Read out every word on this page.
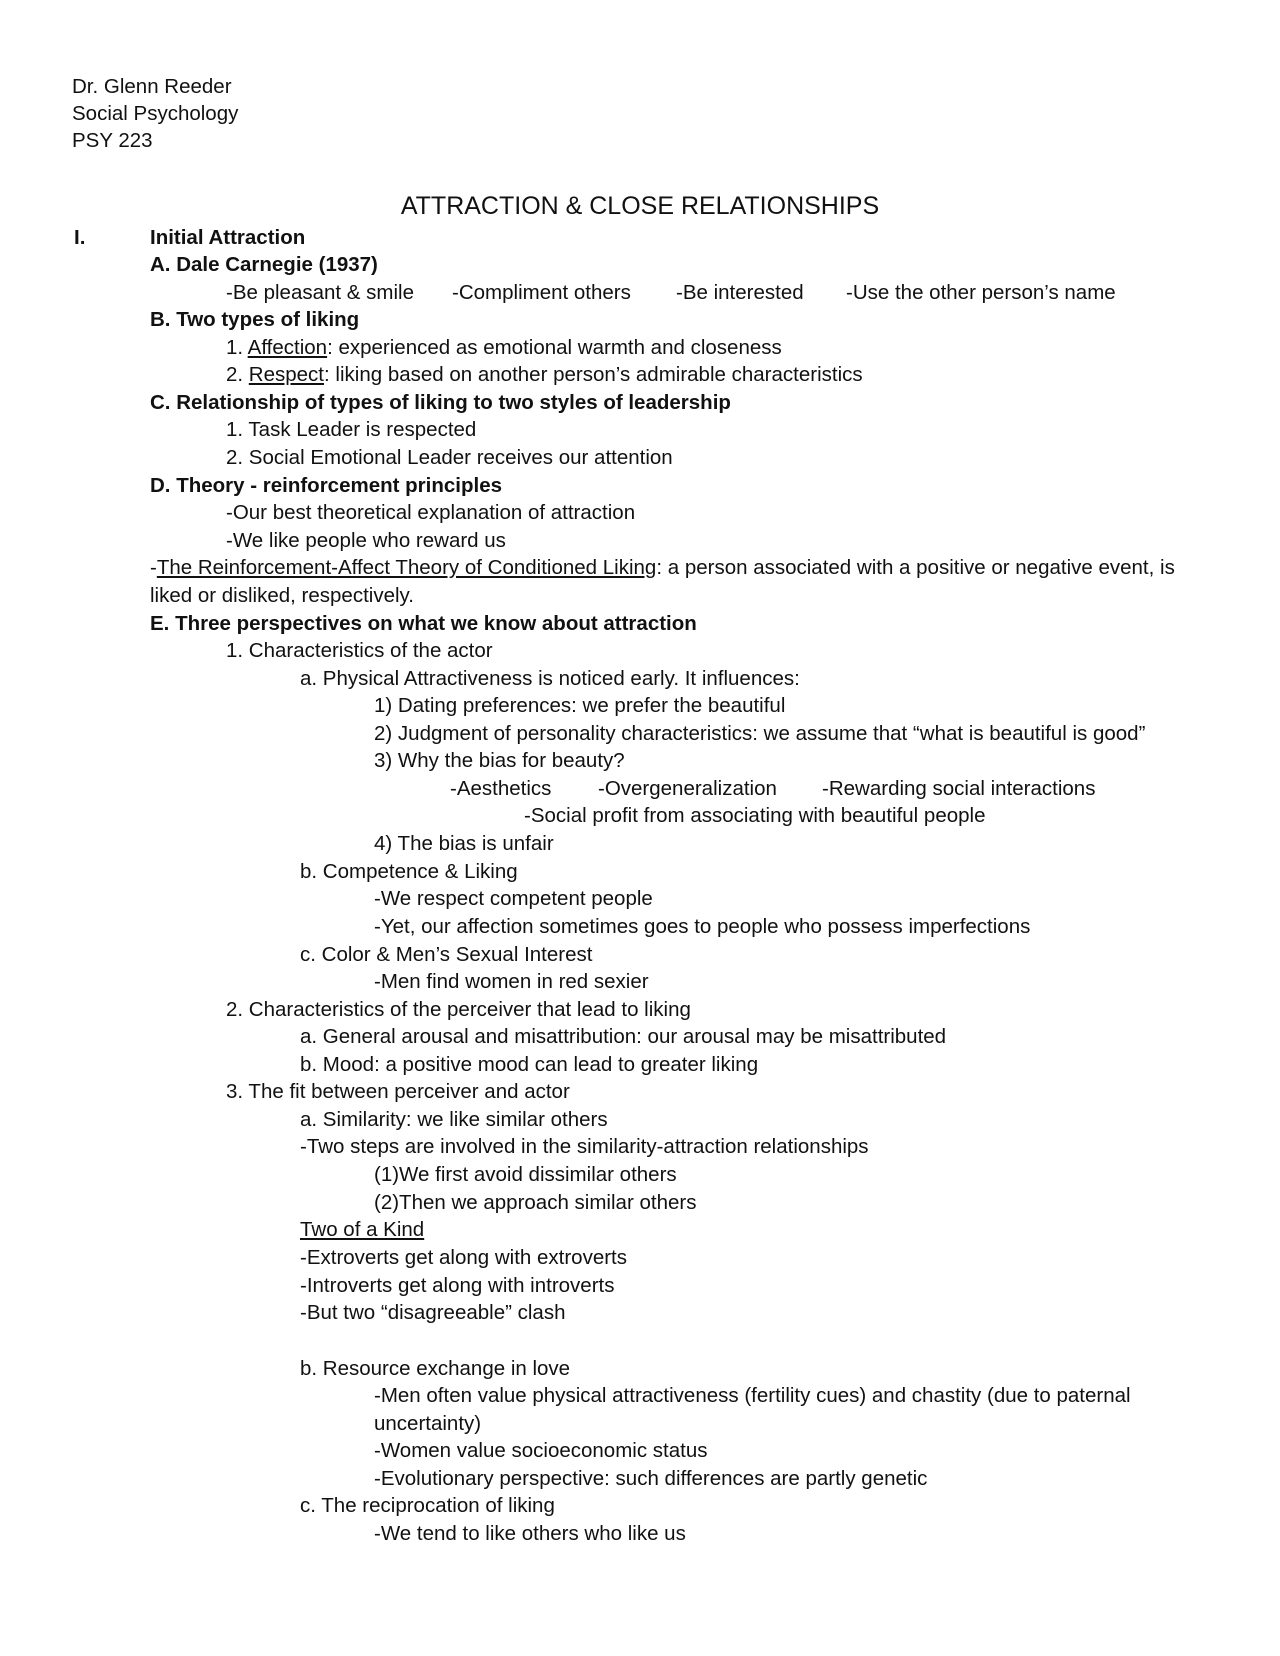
Dr. Glenn Reeder
Social Psychology
PSY 223
ATTRACTION & CLOSE RELATIONSHIPS
I.	Initial Attraction
A. Dale Carnegie (1937)
-Be pleasant & smile -Compliment others -Be interested -Use the other person’s name
B. Two types of liking
1. Affection: experienced as emotional warmth and closeness
2. Respect: liking based on another person’s admirable characteristics
C. Relationship of types of liking to two styles of leadership
1. Task Leader is respected
2. Social Emotional Leader receives our attention
D. Theory - reinforcement principles
-Our best theoretical explanation of attraction
-We like people who reward us
-The Reinforcement-Affect Theory of Conditioned Liking: a person associated with a positive or negative event, is
liked or disliked, respectively.
E. Three perspectives on what we know about attraction
1. Characteristics of the actor
a. Physical Attractiveness is noticed early. It influences:
1) Dating preferences: we prefer the beautiful
2) Judgment of personality characteristics: we assume that “what is beautiful is good”
3) Why the bias for beauty?
-Aesthetics -Overgeneralization -Rewarding social interactions
-Social profit from associating with beautiful people
4) The bias is unfair
b. Competence & Liking
-We respect competent people
-Yet, our affection sometimes goes to people who possess imperfections
c. Color & Men’s Sexual Interest
-Men find women in red sexier
2. Characteristics of the perceiver that lead to liking
a. General arousal and misattribution: our arousal may be misattributed
b. Mood: a positive mood can lead to greater liking
3. The fit between perceiver and actor
a. Similarity: we like similar others
-Two steps are involved in the similarity-attraction relationships
(1)We first avoid dissimilar others
(2)Then we approach similar others
Two of a Kind
-Extroverts get along with extroverts
-Introverts get along with introverts
-But two “disagreeable” clash
b. Resource exchange in love
-Men often value physical attractiveness (fertility cues) and chastity (due to paternal
uncertainty)
-Women value socioeconomic status
-Evolutionary perspective: such differences are partly genetic
c. The reciprocation of liking
-We tend to like others who like us
